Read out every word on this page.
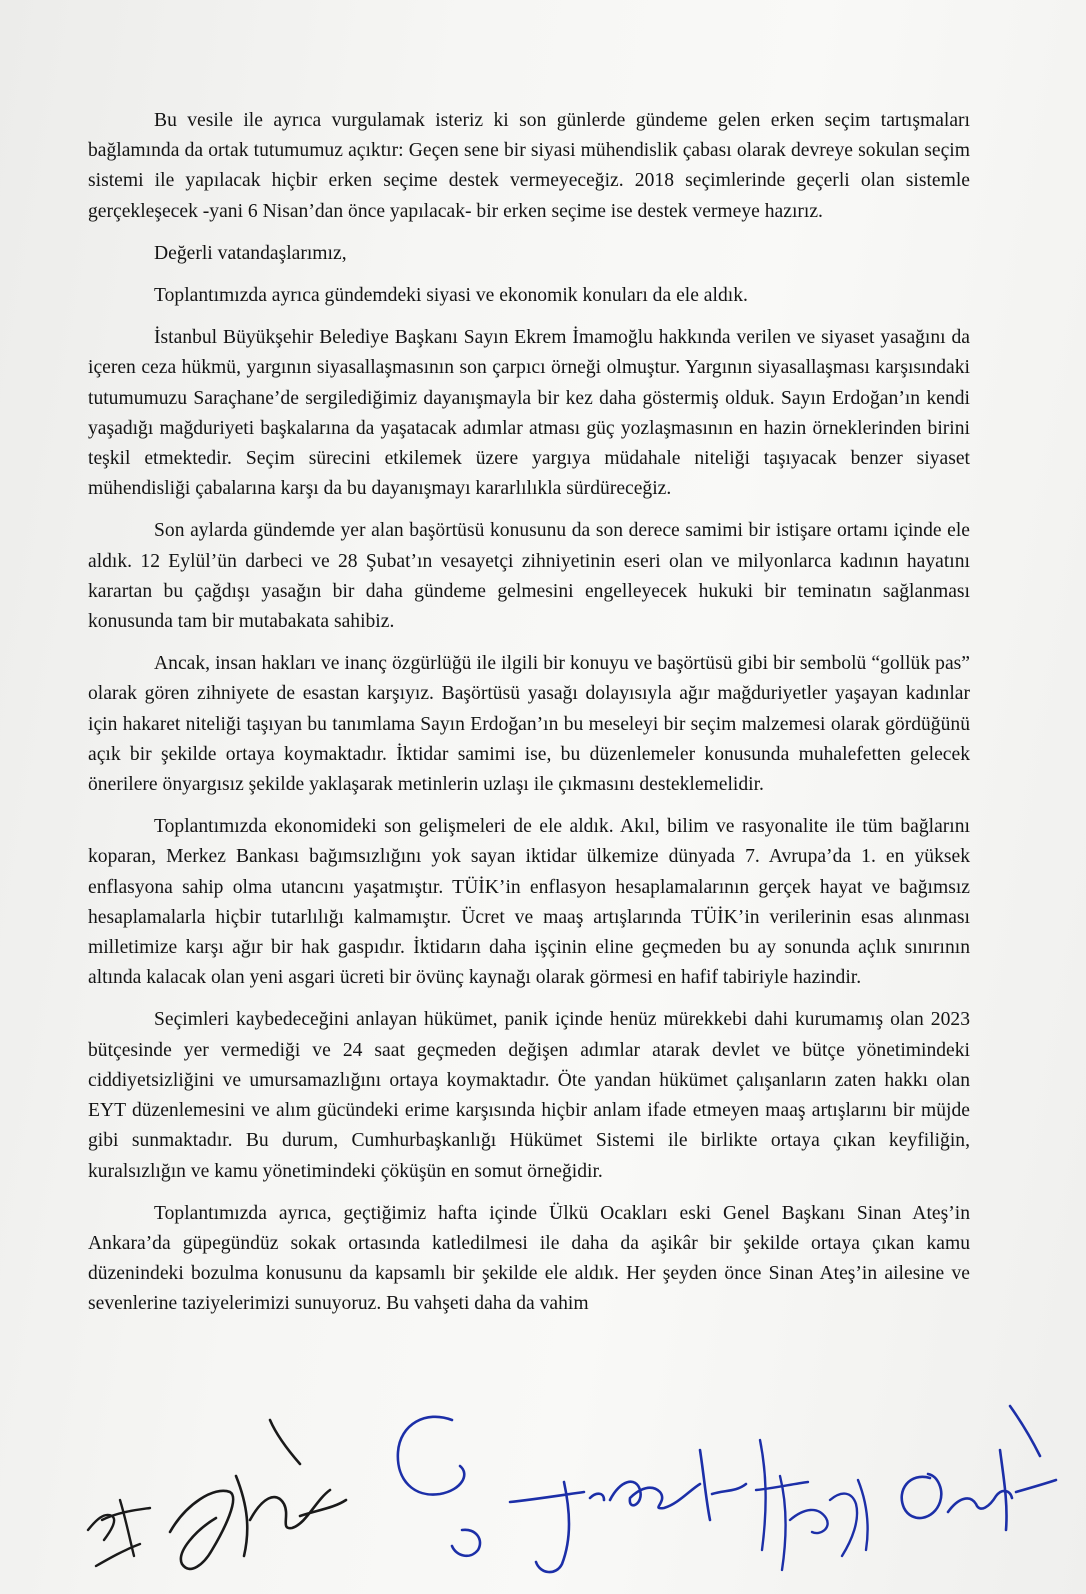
Bu vesile ile ayrıca vurgulamak isteriz ki son günlerde gündeme gelen erken seçim tartışmaları bağlamında da ortak tutumumuz açıktır: Geçen sene bir siyasi mühendislik çabası olarak devreye sokulan seçim sistemi ile yapılacak hiçbir erken seçime destek vermeyeceğiz. 2018 seçimlerinde geçerli olan sistemle gerçekleşecek -yani 6 Nisan’dan önce yapılacak- bir erken seçime ise destek vermeye hazırız.

Değerli vatandaşlarımız,

Toplantımızda ayrıca gündemdeki siyasi ve ekonomik konuları da ele aldık.

İstanbul Büyükşehir Belediye Başkanı Sayın Ekrem İmamoğlu hakkında verilen ve siyaset yasağını da içeren ceza hükmü, yargının siyasallaşmasının son çarpıcı örneği olmuştur. Yargının siyasallaşması karşısındaki tutumumuzu Saraçhane’de sergilediğimiz dayanışmayla bir kez daha göstermiş olduk. Sayın Erdoğan’ın kendi yaşadığı mağduriyeti başkalarına da yaşatacak adımlar atması güç yozlaşmasının en hazin örneklerinden birini teşkil etmektedir. Seçim sürecini etkilemek üzere yargıya müdahale niteliği taşıyacak benzer siyaset mühendisliği çabalarına karşı da bu dayanışmayı kararlılıkla sürdüreceğiz.

Son aylarda gündemde yer alan başörtüsü konusunu da son derece samimi bir istişare ortamı içinde ele aldık. 12 Eylül’ün darbeci ve 28 Şubat’ın vesayetçi zihniyetinin eseri olan ve milyonlarca kadının hayatını karartan bu çağdışı yasağın bir daha gündeme gelmesini engelleyecek hukuki bir teminatın sağlanması konusunda tam bir mutabakata sahibiz.

Ancak, insan hakları ve inanç özgürlüğü ile ilgili bir konuyu ve başörtüsü gibi bir sembolü “gollük pas” olarak gören zihniyete de esastan karşıyız. Başörtüsü yasağı dolayısıyla ağır mağduriyetler yaşayan kadınlar için hakaret niteliği taşıyan bu tanımlama Sayın Erdoğan’ın bu meseleyi bir seçim malzemesi olarak gördüğünü açık bir şekilde ortaya koymaktadır. İktidar samimi ise, bu düzenlemeler konusunda muhalefetten gelecek önerilere önyargısız şekilde yaklaşarak metinlerin uzlaşı ile çıkmasını desteklemelidir.

Toplantımızda ekonomideki son gelişmeleri de ele aldık. Akıl, bilim ve rasyonalite ile tüm bağlarını koparan, Merkez Bankası bağımsızlığını yok sayan iktidar ülkemize dünyada 7. Avrupa’da 1. en yüksek enflasyona sahip olma utancını yaşatmıştır. TÜİK’in enflasyon hesaplamalarının gerçek hayat ve bağımsız hesaplamalarla hiçbir tutarlılığı kalmamıştır. Ücret ve maaş artışlarında TÜİK’in verilerinin esas alınması milletimize karşı ağır bir hak gaspıdır. İktidarın daha işçinin eline geçmeden bu ay sonunda açlık sınırının altında kalacak olan yeni asgari ücreti bir övünç kaynağı olarak görmesi en hafif tabiriyle hazindir.

Seçimleri kaybedeceğini anlayan hükümet, panik içinde henüz mürekkebi dahi kurumamış olan 2023 bütçesinde yer vermediği ve 24 saat geçmeden değişen adımlar atarak devlet ve bütçe yönetimindeki ciddiyetsizliğini ve umursamazlığını ortaya koymaktadır. Öte yandan hükümet çalışanların zaten hakkı olan EYT düzenlemesini ve alım gücündeki erime karşısında hiçbir anlam ifade etmeyen maaş artışlarını bir müjde gibi sunmaktadır. Bu durum, Cumhurbaşkanlığı Hükümet Sistemi ile birlikte ortaya çıkan keyfiliğin, kuralsızlığın ve kamu yönetimindeki çöküşün en somut örneğidir.

Toplantımızda ayrıca, geçtiğimiz hafta içinde Ülkü Ocakları eski Genel Başkanı Sinan Ateş’in Ankara’da güpegündüz sokak ortasında katledilmesi ile daha da aşikâr bir şekilde ortaya çıkan kamu düzenindeki bozulma konusunu da kapsamlı bir şekilde ele aldık. Her şeyden önce Sinan Ateş’in ailesine ve sevenlerine taziyelerimizi sunuyoruz. Bu vahşeti daha da vahim
